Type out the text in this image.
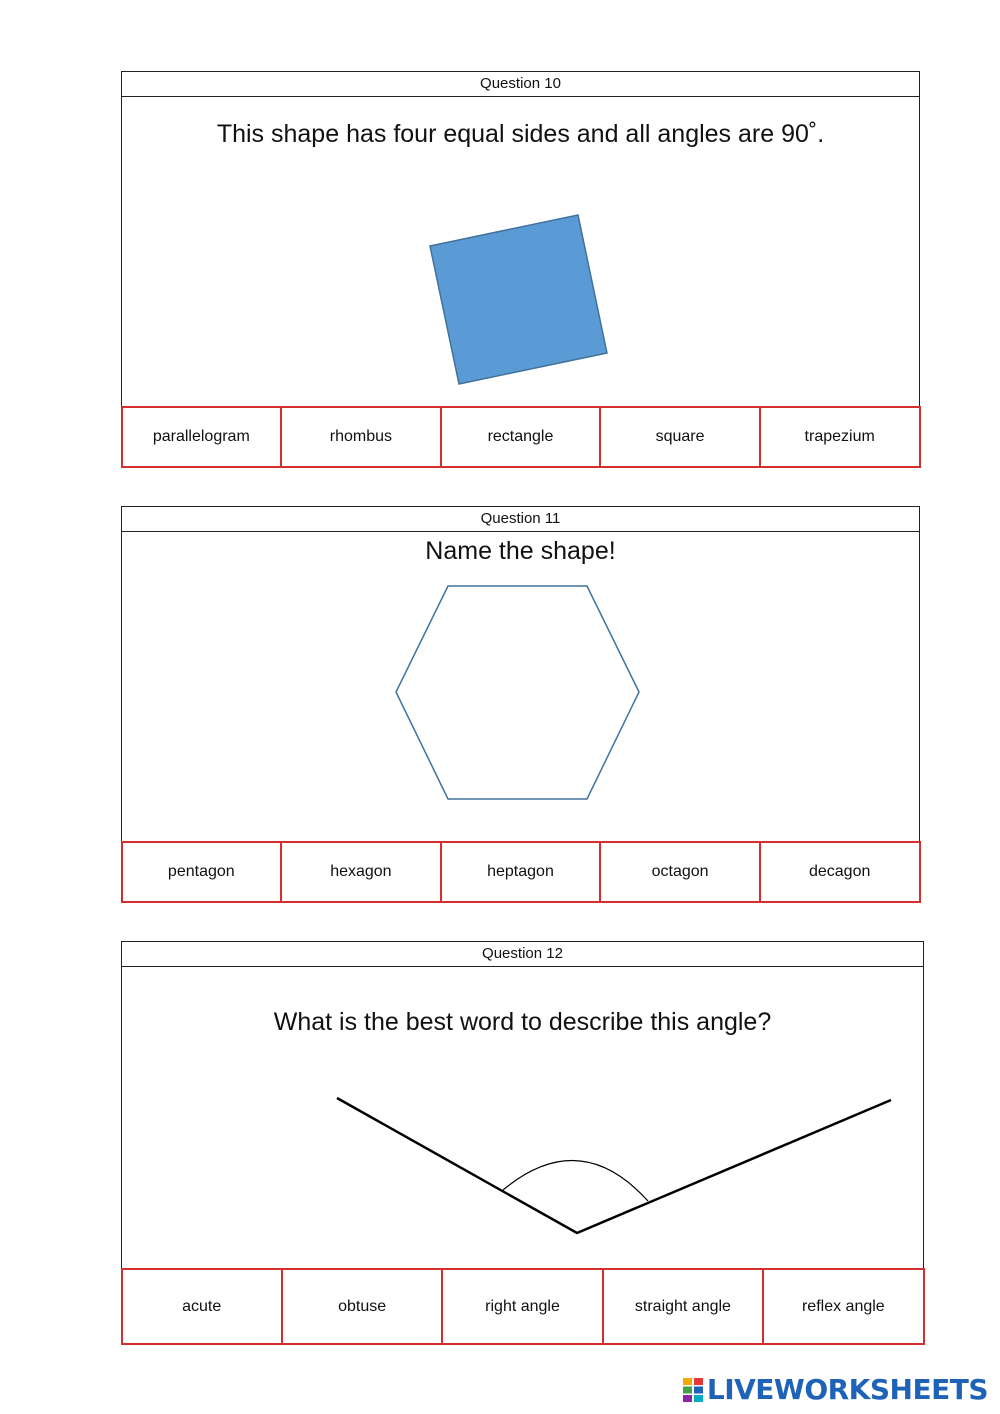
Question 10
This shape has four equal sides and all angles are 90˚.
parallelogram	rhombus	rectangle	square	trapezium
Question 11
Name the shape!
pentagon	hexagon	heptagon	octagon	decagon
Question 12
What is the best word to describe this angle?
acute	obtuse	right angle	straight angle	reflex angle
LIVEWORKSHEETS
